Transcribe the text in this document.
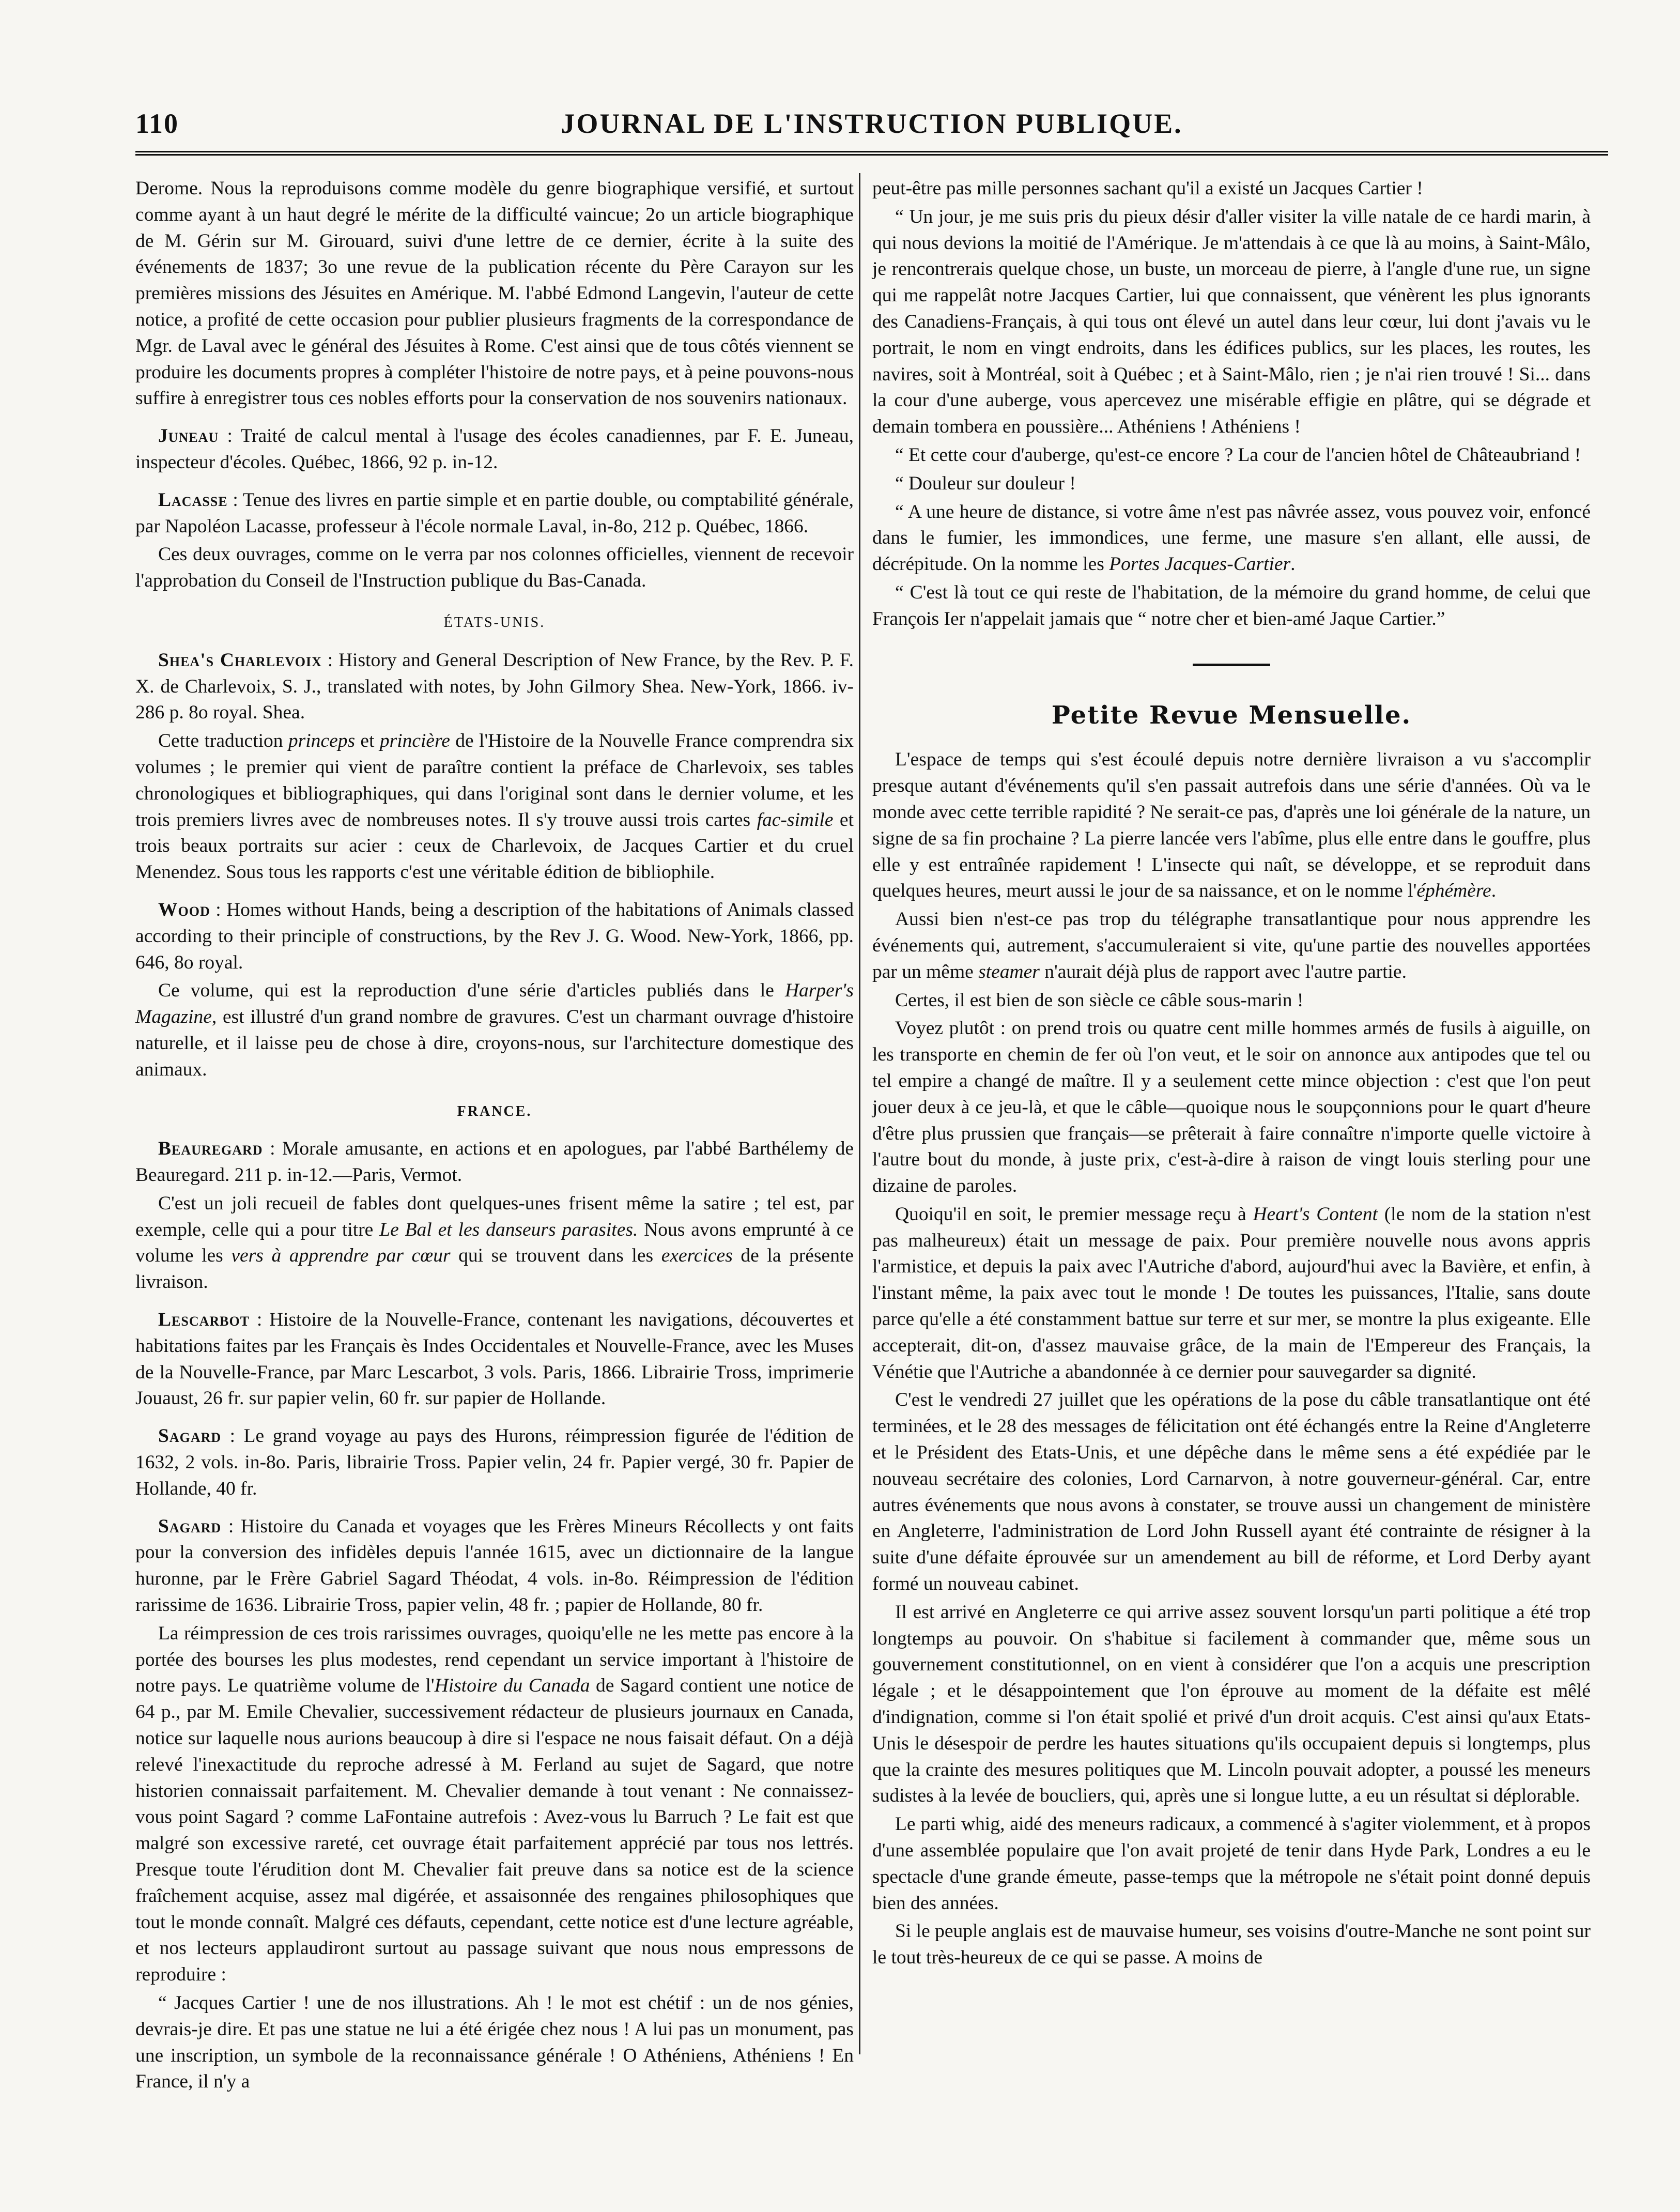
110	JOURNAL DE L'INSTRUCTION PUBLIQUE.

Derome. Nous la reproduisons comme modèle du genre biographique versifié, et surtout comme ayant à un haut degré le mérite de la difficulté vaincue; 2o un article biographique de M. Gérin sur M. Girouard, suivi d'une lettre de ce dernier, écrite à la suite des événements de 1837; 3o une revue de la publication récente du Père Carayon sur les premières missions des Jésuites en Amérique. M. l'abbé Edmond Langevin, l'auteur de cette notice, a profité de cette occasion pour publier plusieurs fragments de la correspondance de Mgr. de Laval avec le général des Jésuites à Rome. C'est ainsi que de tous côtés viennent se produire les documents propres à compléter l'histoire de notre pays, et à peine pouvons-nous suffire à enregistrer tous ces nobles efforts pour la conservation de nos souvenirs nationaux.

Juneau : Traité de calcul mental à l'usage des écoles canadiennes, par F. E. Juneau, inspecteur d'écoles. Québec, 1866, 92 p. in-12.

Lacasse : Tenue des livres en partie simple et en partie double, ou comptabilité générale, par Napoléon Lacasse, professeur à l'école normale Laval, in-8o, 212 p. Québec, 1866.

Ces deux ouvrages, comme on le verra par nos colonnes officielles, viennent de recevoir l'approbation du Conseil de l'Instruction publique du Bas-Canada.

ÉTATS-UNIS.

Shea's Charlevoix : History and General Description of New France, by the Rev. P. F. X. de Charlevoix, S. J., translated with notes, by John Gilmory Shea. New-York, 1866. iv-286 p. 8o royal. Shea.

Cette traduction princeps et princière de l'Histoire de la Nouvelle France comprendra six volumes ; le premier qui vient de paraître contient la préface de Charlevoix, ses tables chronologiques et bibliographiques, qui dans l'original sont dans le dernier volume, et les trois premiers livres avec de nombreuses notes. Il s'y trouve aussi trois cartes fac-simile et trois beaux portraits sur acier : ceux de Charlevoix, de Jacques Cartier et du cruel Menendez. Sous tous les rapports c'est une véritable édition de bibliophile.

Wood : Homes without Hands, being a description of the habitations of Animals classed according to their principle of constructions, by the Rev J. G. Wood. New-York, 1866, pp. 646, 8o royal.

Ce volume, qui est la reproduction d'une série d'articles publiés dans le Harper's Magazine, est illustré d'un grand nombre de gravures. C'est un charmant ouvrage d'histoire naturelle, et il laisse peu de chose à dire, croyons-nous, sur l'architecture domestique des animaux.

FRANCE.

Beauregard : Morale amusante, en actions et en apologues, par l'abbé Barthélemy de Beauregard. 211 p. in-12.—Paris, Vermot.

C'est un joli recueil de fables dont quelques-unes frisent même la satire ; tel est, par exemple, celle qui a pour titre Le Bal et les danseurs parasites. Nous avons emprunté à ce volume les vers à apprendre par cœur qui se trouvent dans les exercices de la présente livraison.

Lescarbot : Histoire de la Nouvelle-France, contenant les navigations, découvertes et habitations faites par les Français ès Indes Occidentales et Nouvelle-France, avec les Muses de la Nouvelle-France, par Marc Lescarbot, 3 vols. Paris, 1866. Librairie Tross, imprimerie Jouaust, 26 fr. sur papier velin, 60 fr. sur papier de Hollande.

Sagard : Le grand voyage au pays des Hurons, réimpression figurée de l'édition de 1632, 2 vols. in-8o. Paris, librairie Tross. Papier velin, 24 fr. Papier vergé, 30 fr. Papier de Hollande, 40 fr.

Sagard : Histoire du Canada et voyages que les Frères Mineurs Récollects y ont faits pour la conversion des infidèles depuis l'année 1615, avec un dictionnaire de la langue huronne, par le Frère Gabriel Sagard Théodat, 4 vols. in-8o. Réimpression de l'édition rarissime de 1636. Librairie Tross, papier velin, 48 fr. ; papier de Hollande, 80 fr.

La réimpression de ces trois rarissimes ouvrages, quoiqu'elle ne les mette pas encore à la portée des bourses les plus modestes, rend cependant un service important à l'histoire de notre pays. Le quatrième volume de l'Histoire du Canada de Sagard contient une notice de 64 p., par M. Emile Chevalier, successivement rédacteur de plusieurs journaux en Canada, notice sur laquelle nous aurions beaucoup à dire si l'espace ne nous faisait défaut. On a déjà relevé l'inexactitude du reproche adressé à M. Ferland au sujet de Sagard, que notre historien connaissait parfaitement. M. Chevalier demande à tout venant : Ne connaissez-vous point Sagard ? comme LaFontaine autrefois : Avez-vous lu Barruch ? Le fait est que malgré son excessive rareté, cet ouvrage était parfaitement apprécié par tous nos lettrés. Presque toute l'érudition dont M. Chevalier fait preuve dans sa notice est de la science fraîchement acquise, assez mal digérée, et assaisonnée des rengaines philosophiques que tout le monde connaît. Malgré ces défauts, cependant, cette notice est d'une lecture agréable, et nos lecteurs applaudiront surtout au passage suivant que nous nous empressons de reproduire :

“ Jacques Cartier ! une de nos illustrations. Ah ! le mot est chétif : un de nos génies, devrais-je dire. Et pas une statue ne lui a été érigée chez nous ! A lui pas un monument, pas une inscription, un symbole de la reconnaissance générale ! O Athéniens, Athéniens ! En France, il n'y a

peut-être pas mille personnes sachant qu'il a existé un Jacques Cartier !

“ Un jour, je me suis pris du pieux désir d'aller visiter la ville natale de ce hardi marin, à qui nous devions la moitié de l'Amérique. Je m'attendais à ce que là au moins, à Saint-Mâlo, je rencontrerais quelque chose, un buste, un morceau de pierre, à l'angle d'une rue, un signe qui me rappelât notre Jacques Cartier, lui que connaissent, que vénèrent les plus ignorants des Canadiens-Français, à qui tous ont élevé un autel dans leur cœur, lui dont j'avais vu le portrait, le nom en vingt endroits, dans les édifices publics, sur les places, les routes, les navires, soit à Montréal, soit à Québec ; et à Saint-Mâlo, rien ; je n'ai rien trouvé ! Si... dans la cour d'une auberge, vous apercevez une misérable effigie en plâtre, qui se dégrade et demain tombera en poussière... Athéniens ! Athéniens !

“ Et cette cour d'auberge, qu'est-ce encore ? La cour de l'ancien hôtel de Châteaubriand !

“ Douleur sur douleur !

“ A une heure de distance, si votre âme n'est pas nâvrée assez, vous pouvez voir, enfoncé dans le fumier, les immondices, une ferme, une masure s'en allant, elle aussi, de décrépitude. On la nomme les Portes Jacques-Cartier.

“ C'est là tout ce qui reste de l'habitation, de la mémoire du grand homme, de celui que François Ier n'appelait jamais que “ notre cher et bien-amé Jaque Cartier.”

Petite Revue Mensuelle.

L'espace de temps qui s'est écoulé depuis notre dernière livraison a vu s'accomplir presque autant d'événements qu'il s'en passait autrefois dans une série d'années. Où va le monde avec cette terrible rapidité ? Ne serait-ce pas, d'après une loi générale de la nature, un signe de sa fin prochaine ? La pierre lancée vers l'abîme, plus elle entre dans le gouffre, plus elle y est entraînée rapidement ! L'insecte qui naît, se développe, et se reproduit dans quelques heures, meurt aussi le jour de sa naissance, et on le nomme l'éphémère.

Aussi bien n'est-ce pas trop du télégraphe transatlantique pour nous apprendre les événements qui, autrement, s'accumuleraient si vite, qu'une partie des nouvelles apportées par un même steamer n'aurait déjà plus de rapport avec l'autre partie.

Certes, il est bien de son siècle ce câble sous-marin !

Voyez plutôt : on prend trois ou quatre cent mille hommes armés de fusils à aiguille, on les transporte en chemin de fer où l'on veut, et le soir on annonce aux antipodes que tel ou tel empire a changé de maître. Il y a seulement cette mince objection : c'est que l'on peut jouer deux à ce jeu-là, et que le câble—quoique nous le soupçonnions pour le quart d'heure d'être plus prussien que français—se prêterait à faire connaître n'importe quelle victoire à l'autre bout du monde, à juste prix, c'est-à-dire à raison de vingt louis sterling pour une dizaine de paroles.

Quoiqu'il en soit, le premier message reçu à Heart's Content (le nom de la station n'est pas malheureux) était un message de paix. Pour première nouvelle nous avons appris l'armistice, et depuis la paix avec l'Autriche d'abord, aujourd'hui avec la Bavière, et enfin, à l'instant même, la paix avec tout le monde ! De toutes les puissances, l'Italie, sans doute parce qu'elle a été constamment battue sur terre et sur mer, se montre la plus exigeante. Elle accepterait, dit-on, d'assez mauvaise grâce, de la main de l'Empereur des Français, la Vénétie que l'Autriche a abandonnée à ce dernier pour sauvegarder sa dignité.

C'est le vendredi 27 juillet que les opérations de la pose du câble transatlantique ont été terminées, et le 28 des messages de félicitation ont été échangés entre la Reine d'Angleterre et le Président des Etats-Unis, et une dépêche dans le même sens a été expédiée par le nouveau secrétaire des colonies, Lord Carnarvon, à notre gouverneur-général. Car, entre autres événements que nous avons à constater, se trouve aussi un changement de ministère en Angleterre, l'administration de Lord John Russell ayant été contrainte de résigner à la suite d'une défaite éprouvée sur un amendement au bill de réforme, et Lord Derby ayant formé un nouveau cabinet.

Il est arrivé en Angleterre ce qui arrive assez souvent lorsqu'un parti politique a été trop longtemps au pouvoir. On s'habitue si facilement à commander que, même sous un gouvernement constitutionnel, on en vient à considérer que l'on a acquis une prescription légale ; et le désappointement que l'on éprouve au moment de la défaite est mêlé d'indignation, comme si l'on était spolié et privé d'un droit acquis. C'est ainsi qu'aux Etats-Unis le désespoir de perdre les hautes situations qu'ils occupaient depuis si longtemps, plus que la crainte des mesures politiques que M. Lincoln pouvait adopter, a poussé les meneurs sudistes à la levée de boucliers, qui, après une si longue lutte, a eu un résultat si déplorable.

Le parti whig, aidé des meneurs radicaux, a commencé à s'agiter violemment, et à propos d'une assemblée populaire que l'on avait projeté de tenir dans Hyde Park, Londres a eu le spectacle d'une grande émeute, passe-temps que la métropole ne s'était point donné depuis bien des années.

Si le peuple anglais est de mauvaise humeur, ses voisins d'outre-Manche ne sont point sur le tout très-heureux de ce qui se passe. A moins de
